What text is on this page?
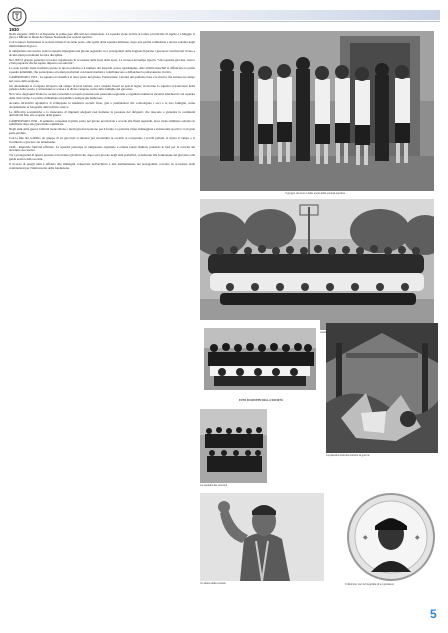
1930

Nella stagione 1930-31 si disputano le prime gare ufficiali del campionato. La squadra viene iscritta al torneo provinciale di Aprile e a Maggio si gioca a Milano la finale del Torneo Nazionale per società sportive.

Con la nuova formazione la società ottiene il secondo posto, alle spalle della squadra milanese, dopo una partita combattuta e decisa soltanto negli ultimi minuti di gioco.

Il campionato successivo vede la squadra impegnata nel girone regionale; tra i protagonisti della stagione figurano i giocatori cresciuti nel vivaio e alcuni atleti provenienti da altre discipline.

Nel 1932 il gruppo partecipa al torneo organizzato in occasione della festa dello sport. La cronaca del tempo riporta: "Una squadra giovane, veloce e ben preparata che ha saputo imporsi con autorità".

La sede sociale viene trasferita presso la nuova palestra e il numero dei tesserati cresce rapidamente. Alle attività maschili si affiancano le prime squadre femminili, che partecipano ai tornei provinciali con buoni risultati e contribuiscono a diffondere la pallacanestro in città.

CAMPIONATO 1933 - La squadra si classifica al terzo posto nel girone. Formazione: i titolari del quintetto base e le riserve che entrano in campo nel corso della stagione.

Gli allenamenti si svolgono all'aperto sul campo in terra battuta, con i canestri fissati su pali di legno; in inverno la squadra si trasferisce nella palestra della scuola. L'attrezzatura è scarsa e le divise vengono cucite dalle famiglie dei giocatori.

Nel corso degli anni Trenta la società consolida la propria presenza nel panorama regionale e organizza numerosi incontri amichevoli con squadre delle città vicine. Le partite richiamano un pubblico sempre più numeroso.

Accanto all'attività agonistica si sviluppano le iniziative sociali: feste, gite e premiazioni che coinvolgono i soci e le loro famiglie, come documentano le fotografie dell'archivio storico.

Le difficoltà economiche e la mancanza di impianti adeguati non fermano la passione dei dirigenti, che riescono a garantire la continuità dell'attività fino allo scoppio della guerra.

CAMPIONATO 1936 - Il quintetto conquista il primo posto nel girone provinciale e accede alle finali regionali, dove viene eliminato soltanto in semifinale dopo una gara molto equilibrata.

Negli anni della guerra l'attività viene ridotta e molti giocatori partono per il fronte. La palestra viene danneggiata e il materiale sportivo va in gran parte perduto.

Con la fine del conflitto un gruppo di ex giocatori si riunisce per ricostituire la società: si recuperano i vecchi palloni, si ripara il campo e si ricomincia a giocare con entusiasmo.

1946 - Riprende l'attività ufficiale. La squadra partecipa al campionato regionale e ottiene buoni risultati, ponendo le basi per la crescita del decennio successivo.

Tra i protagonisti di questo periodo si ricordano gli atleti che, dopo aver giocato negli anni prebellici, si dedicano alla formazione dei giovani e alla guida tecnica della società.

Il ricordo di quegli anni è affidato alle immagini conservate nell'archivio e alle testimonianze dei protagonisti, raccolte in occasione delle celebrazioni per l'anniversario della fondazione.

Il gruppo dei soci e delle socie della società sportiva
durante
FOTO DI GRUPPO DELLA SOCIETÀ
La palestra distrutta durante la guerra
La squadra dei veterani
Un atleta della società
◆	◆
Il distintivo con la fotografia di un giocatore
5
